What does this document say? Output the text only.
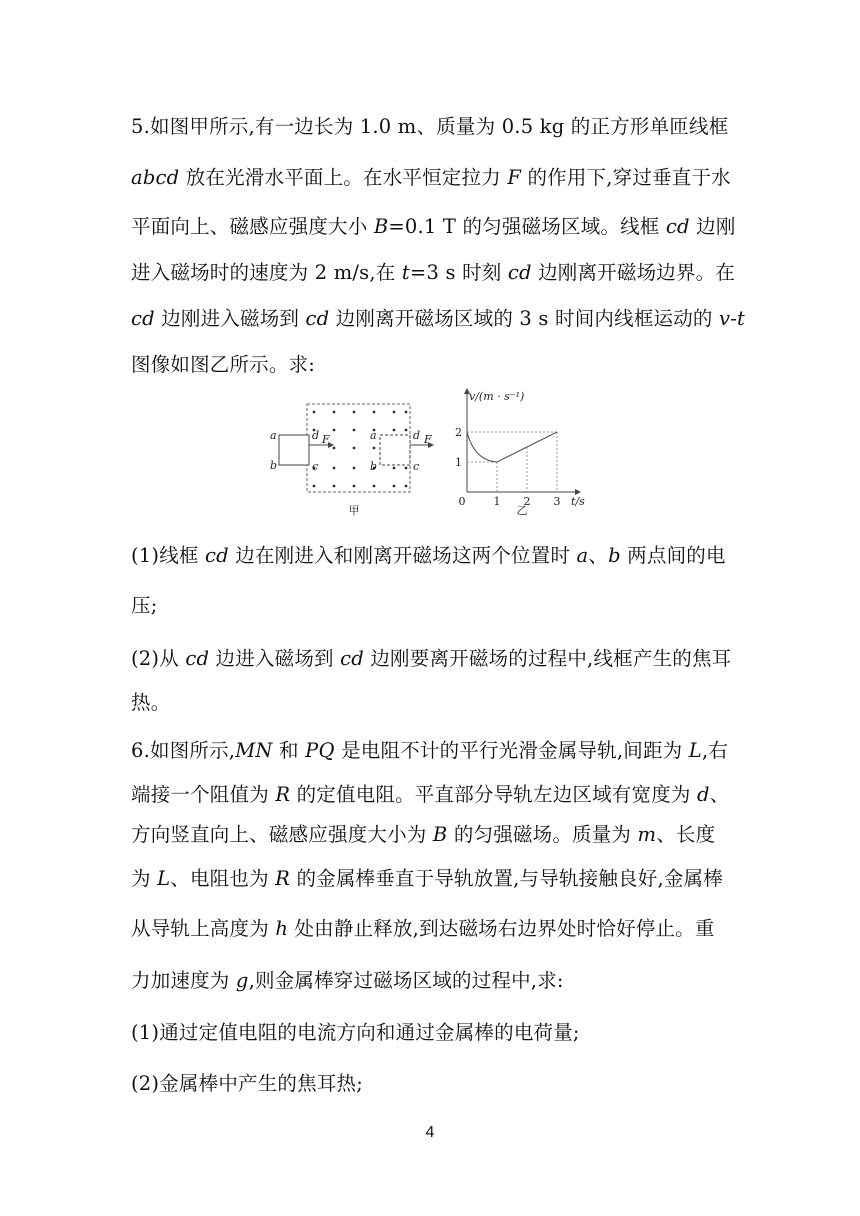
5.如图甲所示,有一边长为 1.0 m、质量为 0.5 kg 的正方形单匝线框
abcd 放在光滑水平面上。在水平恒定拉力 F 的作用下,穿过垂直于水
平面向上、磁感应强度大小 B=0.1 T 的匀强磁场区域。线框 cd 边刚
进入磁场时的速度为 2 m/s,在 t=3 s 时刻 cd 边刚离开磁场边界。在
cd 边刚进入磁场到 cd 边刚离开磁场区域的 3 s 时间内线框运动的 v-t
图像如图乙所示。求:
a
b
d
c
F	a
b
d
c
F
甲
v/(m · s⁻¹)
t/s
0
1
2
1 2 3
乙
(1)线框 cd 边在刚进入和刚离开磁场这两个位置时 a、b 两点间的电
压;
(2)从 cd 边进入磁场到 cd 边刚要离开磁场的过程中,线框产生的焦耳
热。
6.如图所示,MN 和 PQ 是电阻不计的平行光滑金属导轨,间距为 L,右
端接一个阻值为 R 的定值电阻。平直部分导轨左边区域有宽度为 d、
方向竖直向上、磁感应强度大小为 B 的匀强磁场。质量为 m、长度
为 L、电阻也为 R 的金属棒垂直于导轨放置,与导轨接触良好,金属棒
从导轨上高度为 h 处由静止释放,到达磁场右边界处时恰好停止。重
力加速度为 g,则金属棒穿过磁场区域的过程中,求:
(1)通过定值电阻的电流方向和通过金属棒的电荷量;
(2)金属棒中产生的焦耳热;
4
